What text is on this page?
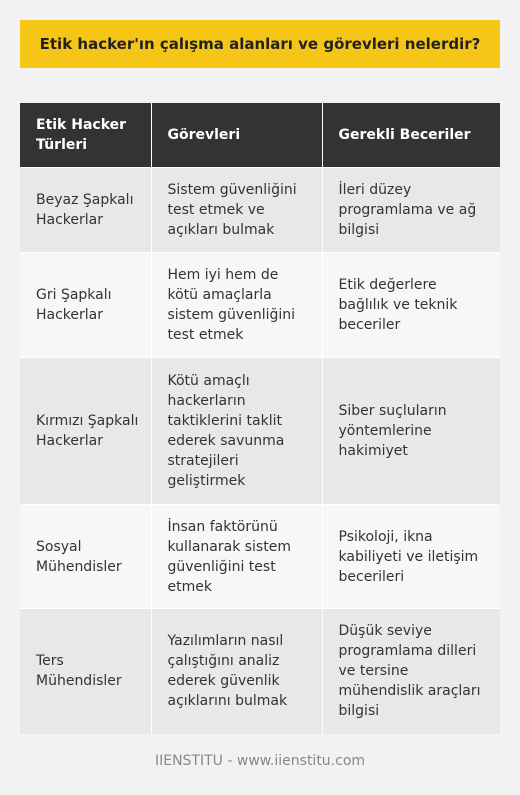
Etik hacker'ın çalışma alanları ve görevleri nelerdir?
Etik Hacker Türleri	Görevleri	Gerekli Beceriler
Beyaz Şapkalı Hackerlar	Sistem güvenliğini test etmek ve açıkları bulmak	İleri düzey programlama ve ağ bilgisi
Gri Şapkalı Hackerlar	Hem iyi hem de kötü amaçlarla sistem güvenliğini test etmek	Etik değerlere bağlılık ve teknik beceriler
Kırmızı Şapkalı Hackerlar	Kötü amaçlı hackerların taktiklerini taklit ederek savunma stratejileri geliştirmek	Siber suçluların yöntemlerine hakimiyet
Sosyal Mühendisler	İnsan faktörünü kullanarak sistem güvenliğini test etmek	Psikoloji, ikna kabiliyeti ve iletişim becerileri
Ters Mühendisler	Yazılımların nasıl çalıştığını analiz ederek güvenlik açıklarını bulmak	Düşük seviye programlama dilleri ve tersine mühendislik araçları bilgisi
IIENSTITU - www.iienstitu.com
